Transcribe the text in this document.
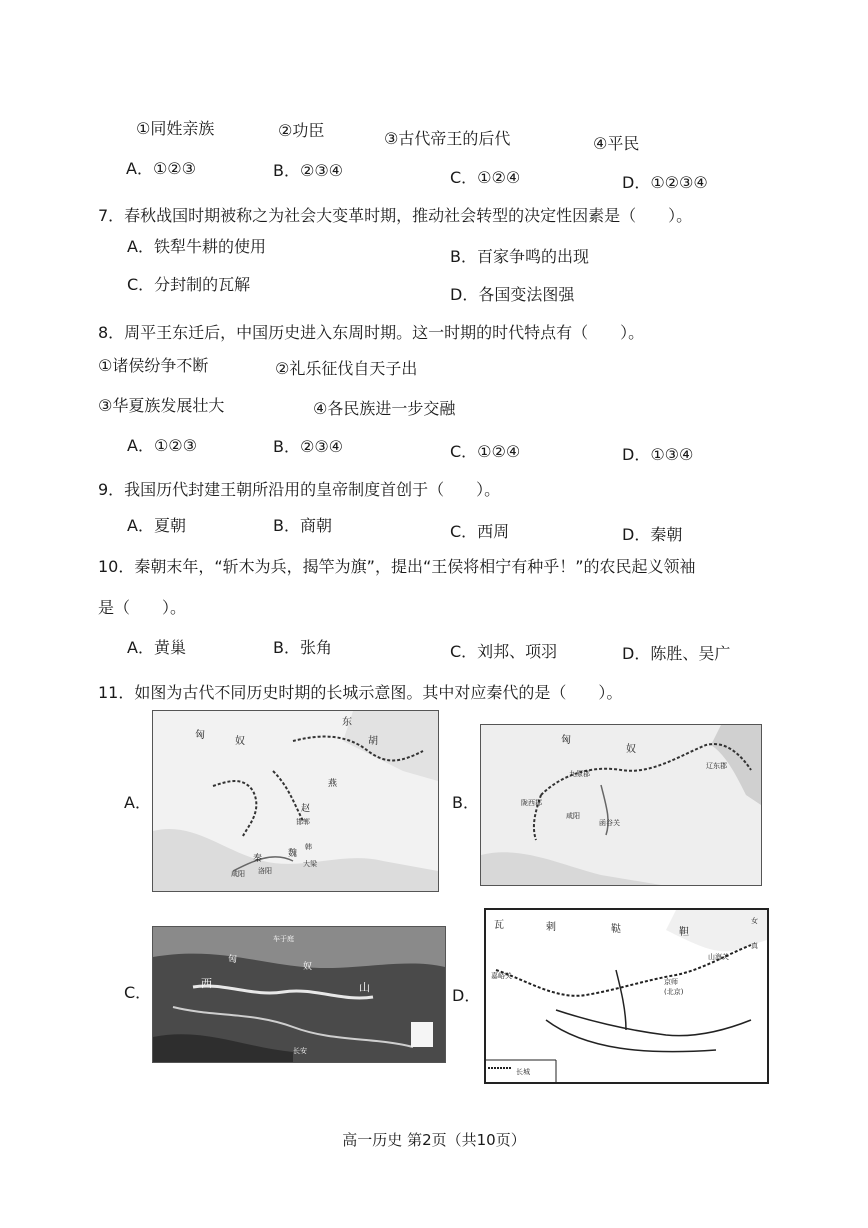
①同姓亲族	②功臣	③古代帝王的后代	④平民
A．①②③	B．②③④	C．①②④	D．①②③④
7．春秋战国时期被称之为社会大变革时期，推动社会转型的决定性因素是（　　）。
A．铁犁牛耕的使用
B．百家争鸣的出现
C．分封制的瓦解
D．各国变法图强
8．周平王东迁后，中国历史进入东周时期。这一时期的时代特点有（　　）。
①诸侯纷争不断	②礼乐征伐自天子出
③华夏族发展壮大	④各民族进一步交融
A．①②③	B．②③④	C．①②④	D．①③④
9．我国历代封建王朝所沿用的皇帝制度首创于（　　）。
A．夏朝	B．商朝	C．西周	D．秦朝
10．秦朝末年，“斩木为兵，揭竿为旗”，提出“王侯将相宁有种乎！”的农民起义领袖
是（　　）。
A．黄巢	B．张角	C．刘邦、项羽	D．陈胜、吴广
11．如图为古代不同历史时期的长城示意图。其中对应秦代的是（　　）。
A．	B．
C．	D．
匈
奴
东
胡
燕
赵
邯郸
魏
大梁
洛阳
韩
咸阳
秦
匈
奴
九原郡
辽东郡
陇西郡
咸阳
函谷关
车于庭
匈
奴
西	山
长安
瓦	剌	鞑	靼
女
真
山海关
嘉峪关
京师
(北京)
长城
高一历史 第2页（共10页）
